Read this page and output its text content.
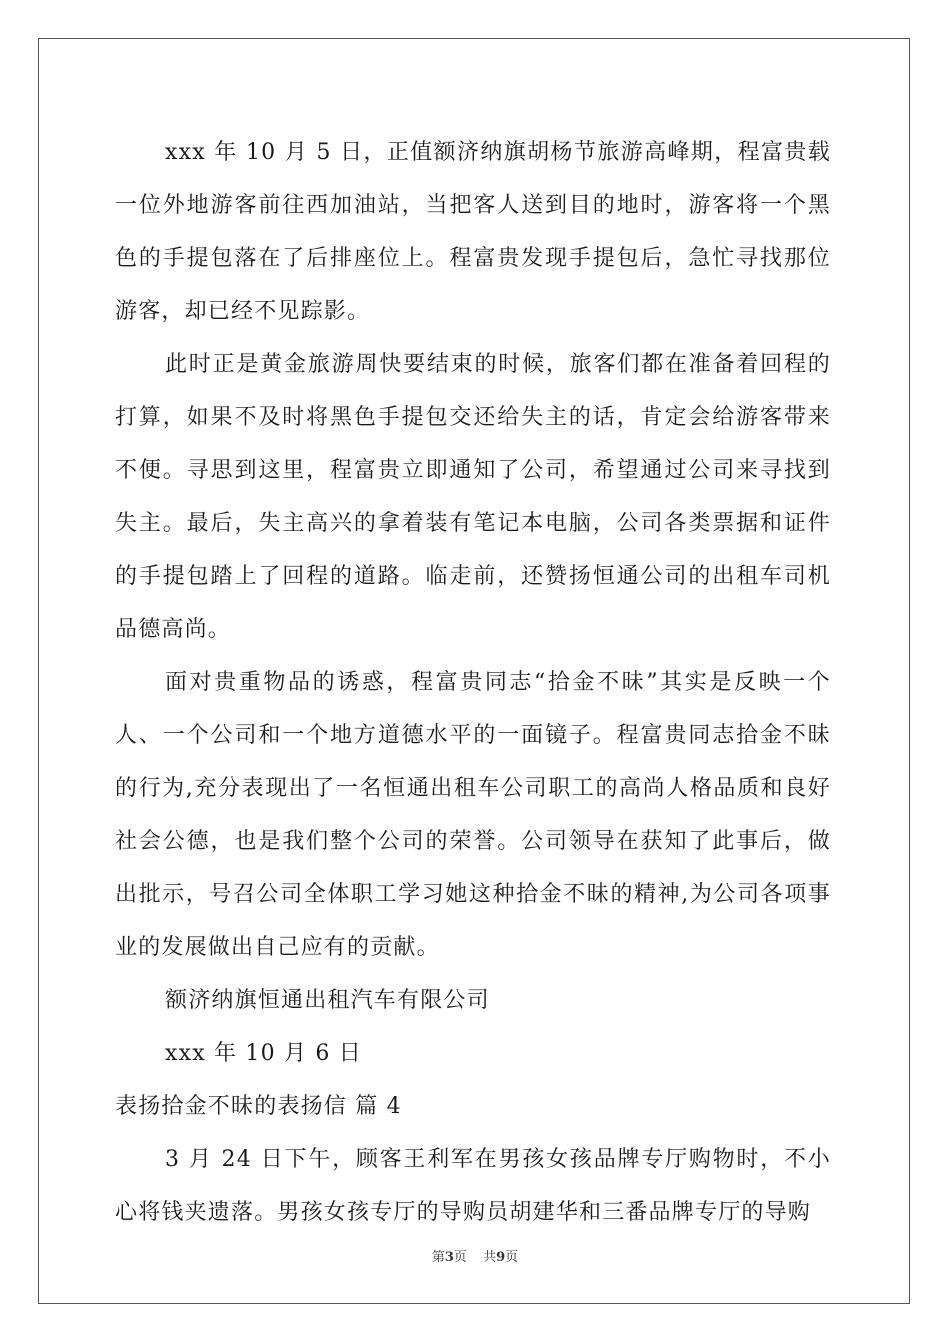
xxx 年 10 月 5 日，正值额济纳旗胡杨节旅游高峰期，程富贵载一位外地游客前往西加油站，当把客人送到目的地时，游客将一个黑色的手提包落在了后排座位上。程富贵发现手提包后，急忙寻找那位游客，却已经不见踪影。

此时正是黄金旅游周快要结束的时候，旅客们都在准备着回程的打算，如果不及时将黑色手提包交还给失主的话，肯定会给游客带来不便。寻思到这里，程富贵立即通知了公司，希望通过公司来寻找到失主。最后，失主高兴的拿着装有笔记本电脑，公司各类票据和证件的手提包踏上了回程的道路。临走前，还赞扬恒通公司的出租车司机品德高尚。

面对贵重物品的诱惑，程富贵同志“拾金不昧”其实是反映一个人、一个公司和一个地方道德水平的一面镜子。程富贵同志拾金不昧的行为,充分表现出了一名恒通出租车公司职工的高尚人格品质和良好社会公德，也是我们整个公司的荣誉。公司领导在获知了此事后，做出批示，号召公司全体职工学习她这种拾金不昧的精神,为公司各项事业的发展做出自己应有的贡献。

额济纳旗恒通出租汽车有限公司

xxx 年 10 月 6 日

表扬拾金不昧的表扬信 篇 4

3 月 24 日下午，顾客王利军在男孩女孩品牌专厅购物时，不小心将钱夹遗落。男孩女孩专厅的导购员胡建华和三番品牌专厅的导购

第3页 共9页
